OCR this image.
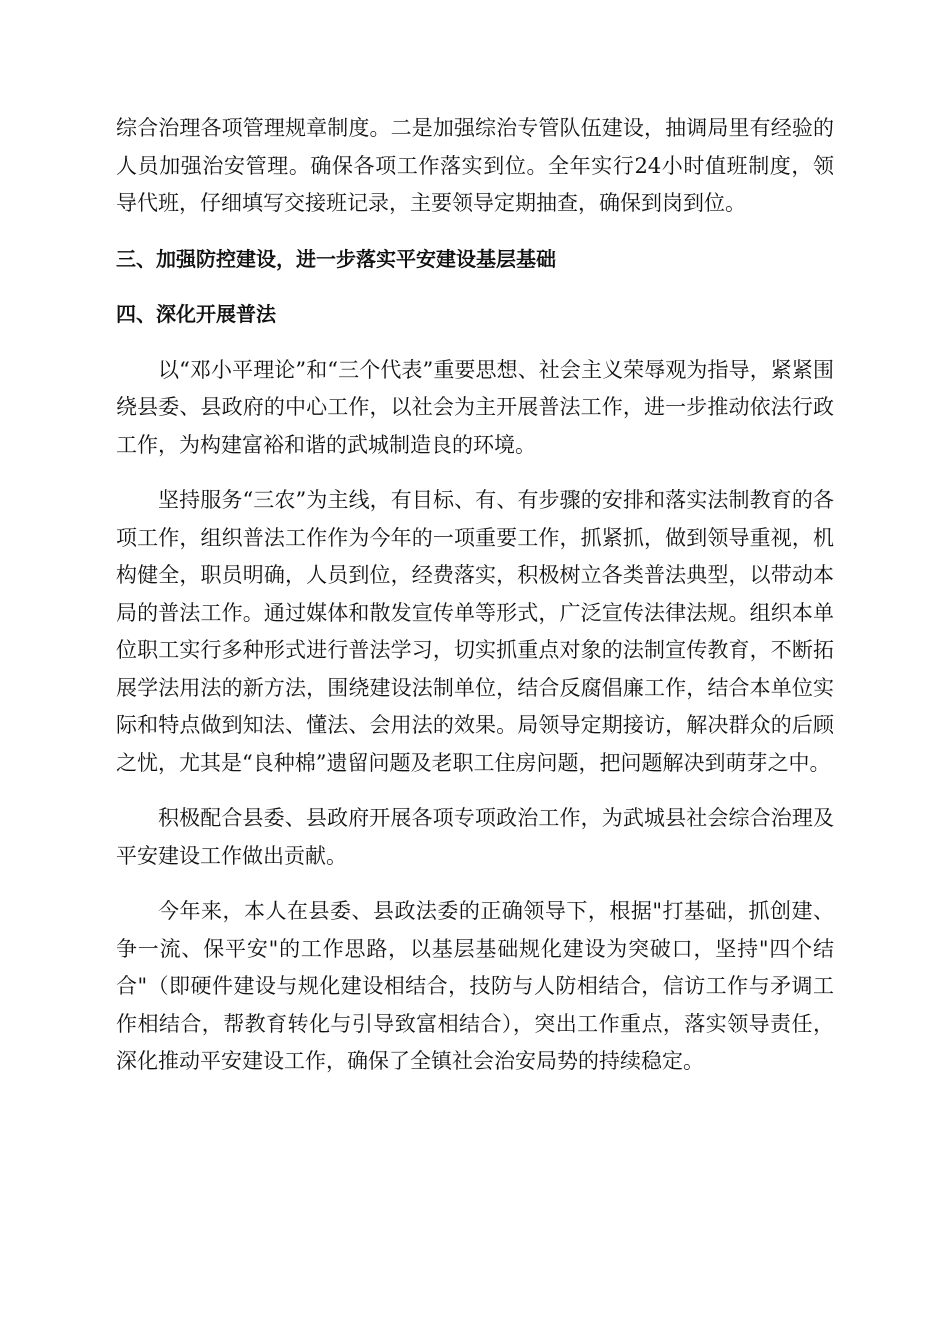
综合治理各项管理规章制度。二是加强综治专管队伍建设，抽调局里有经验的人员加强治安管理。确保各项工作落实到位。全年实行24小时值班制度，领导代班，仔细填写交接班记录，主要领导定期抽查，确保到岗到位。

三、加强防控建设，进一步落实平安建设基层基础

四、深化开展普法

以“邓小平理论”和“三个代表”重要思想、社会主义荣辱观为指导，紧紧围绕县委、县政府的中心工作，以社会为主开展普法工作，进一步推动依法行政工作，为构建富裕和谐的武城制造良的环境。

坚持服务“三农”为主线，有目标、有、有步骤的安排和落实法制教育的各项工作，组织普法工作作为今年的一项重要工作，抓紧抓，做到领导重视，机构健全，职员明确，人员到位，经费落实，积极树立各类普法典型，以带动本局的普法工作。通过媒体和散发宣传单等形式，广泛宣传法律法规。组织本单位职工实行多种形式进行普法学习，切实抓重点对象的法制宣传教育，不断拓展学法用法的新方法，围绕建设法制单位，结合反腐倡廉工作，结合本单位实际和特点做到知法、懂法、会用法的效果。局领导定期接访，解决群众的后顾之忧，尤其是“良种棉”遗留问题及老职工住房问题，把问题解决到萌芽之中。

积极配合县委、县政府开展各项专项政治工作，为武城县社会综合治理及平安建设工作做出贡献。

今年来，本人在县委、县政法委的正确领导下，根据"打基础，抓创建、争一流、保平安"的工作思路，以基层基础规化建设为突破口，坚持"四个结合"（即硬件建设与规化建设相结合，技防与人防相结合，信访工作与矛调工作相结合，帮教育转化与引导致富相结合），突出工作重点，落实领导责任，深化推动平安建设工作，确保了全镇社会治安局势的持续稳定。
